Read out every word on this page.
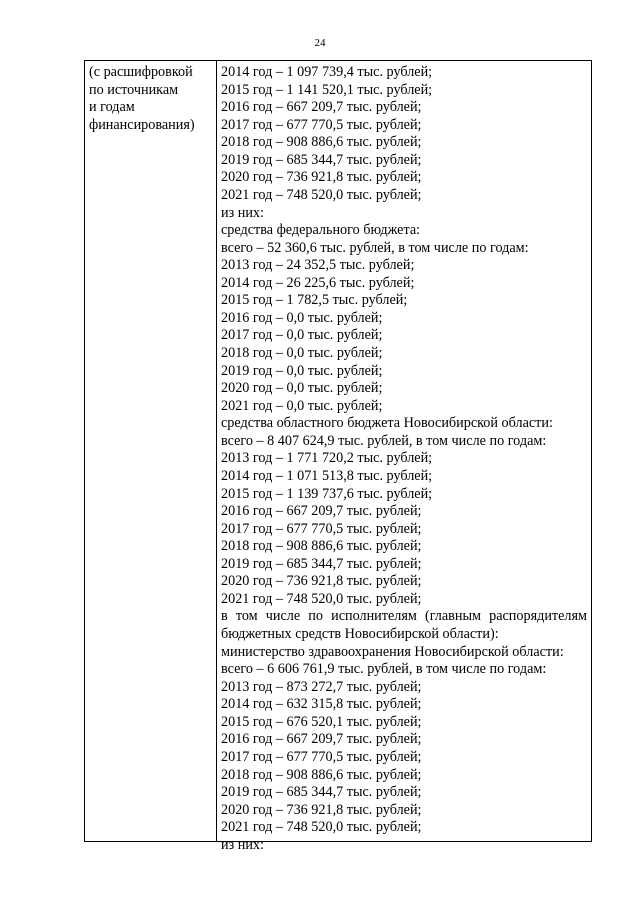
24
(с расшифровкой
по источникам
и годам
финансирования)
2014 год – 1 097 739,4 тыс. рублей;
2015 год – 1 141 520,1 тыс. рублей;
2016 год – 667 209,7 тыс. рублей;
2017 год – 677 770,5 тыс. рублей;
2018 год – 908 886,6 тыс. рублей;
2019 год – 685 344,7 тыс. рублей;
2020 год – 736 921,8 тыс. рублей;
2021 год – 748 520,0 тыс. рублей;
из них:
средства федерального бюджета:
всего – 52 360,6 тыс. рублей, в том числе по годам:
2013 год – 24 352,5 тыс. рублей;
2014 год – 26 225,6 тыс. рублей;
2015 год – 1 782,5 тыс. рублей;
2016 год – 0,0 тыс. рублей;
2017 год – 0,0 тыс. рублей;
2018 год – 0,0 тыс. рублей;
2019 год – 0,0 тыс. рублей;
2020 год – 0,0 тыс. рублей;
2021 год – 0,0 тыс. рублей;
средства областного бюджета Новосибирской области:
всего – 8 407 624,9 тыс. рублей, в том числе по годам:
2013 год – 1 771 720,2 тыс. рублей;
2014 год – 1 071 513,8 тыс. рублей;
2015 год – 1 139 737,6 тыс. рублей;
2016 год – 667 209,7 тыс. рублей;
2017 год – 677 770,5 тыс. рублей;
2018 год – 908 886,6 тыс. рублей;
2019 год – 685 344,7 тыс. рублей;
2020 год – 736 921,8 тыс. рублей;
2021 год – 748 520,0 тыс. рублей;
в том числе по исполнителям (главным распорядителям
бюджетных средств Новосибирской области):
министерство здравоохранения Новосибирской области:
всего – 6 606 761,9 тыс. рублей, в том числе по годам:
2013 год – 873 272,7 тыс. рублей;
2014 год – 632 315,8 тыс. рублей;
2015 год – 676 520,1 тыс. рублей;
2016 год – 667 209,7 тыс. рублей;
2017 год – 677 770,5 тыс. рублей;
2018 год – 908 886,6 тыс. рублей;
2019 год – 685 344,7 тыс. рублей;
2020 год – 736 921,8 тыс. рублей;
2021 год – 748 520,0 тыс. рублей;
из них:
